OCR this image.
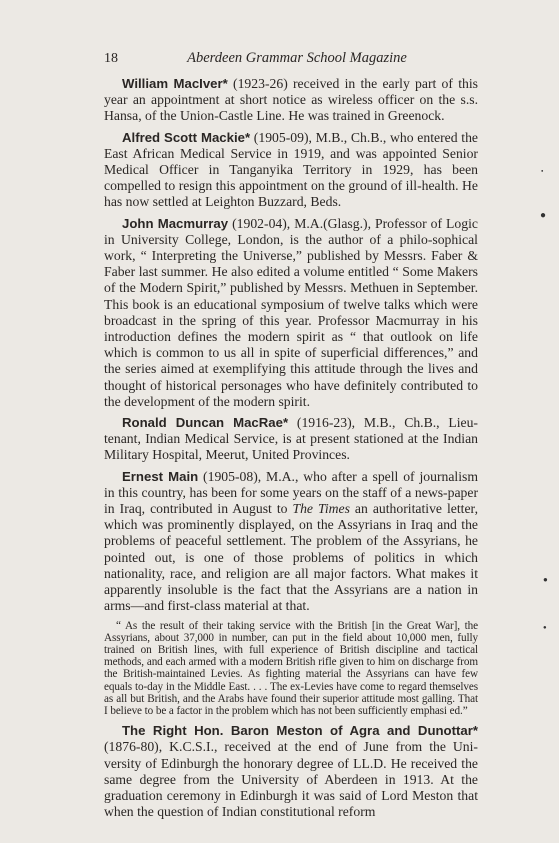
18	Aberdeen Grammar School Magazine

William MacIver* (1923-26) received in the early part of this year an appointment at short notice as wireless officer on the s.s. Hansa, of the Union-Castle Line. He was trained in Greenock.

Alfred Scott Mackie* (1905-09), M.B., Ch.B., who entered the East African Medical Service in 1919, and was appointed Senior Medical Officer in Tanganyika Territory in 1929, has been compelled to resign this appointment on the ground of ill-health. He has now settled at Leighton Buzzard, Beds.

John Macmurray (1902-04), M.A.(Glasg.), Professor of Logic in University College, London, is the author of a philo-sophical work, “ Interpreting the Universe,” published by Messrs. Faber & Faber last summer. He also edited a volume entitled “ Some Makers of the Modern Spirit,” published by Messrs. Methuen in September. This book is an educational symposium of twelve talks which were broadcast in the spring of this year. Professor Macmurray in his introduction defines the modern spirit as “ that outlook on life which is common to us all in spite of superficial differences,” and the series aimed at exemplifying this attitude through the lives and thought of historical personages who have definitely contributed to the development of the modern spirit.

Ronald Duncan MacRae* (1916-23), M.B., Ch.B., Lieu-tenant, Indian Medical Service, is at present stationed at the Indian Military Hospital, Meerut, United Provinces.

Ernest Main (1905-08), M.A., who after a spell of journalism in this country, has been for some years on the staff of a news-paper in Iraq, contributed in August to The Times an authoritative letter, which was prominently displayed, on the Assyrians in Iraq and the problems of peaceful settlement. The problem of the Assyrians, he pointed out, is one of those problems of politics in which nationality, race, and religion are all major factors. What makes it apparently insoluble is the fact that the Assyrians are a nation in arms—and first-class material at that.

“ As the result of their taking service with the British [in the Great War], the Assyrians, about 37,000 in number, can put in the field about 10,000 men, fully trained on British lines, with full experience of British discipline and tactical methods, and each armed with a modern British rifle given to him on discharge from the British-maintained Levies. As fighting material the Assyrians can have few equals to-day in the Middle East. . . . The ex-Levies have come to regard themselves as all but British, and the Arabs have found their superior attitude most galling. That I believe to be a factor in the problem which has not been sufficiently emphasi ed.”

The Right Hon. Baron Meston of Agra and Dunottar* (1876-80), K.C.S.I., received at the end of June from the Uni-versity of Edinburgh the honorary degree of LL.D. He received the same degree from the University of Aberdeen in 1913. At the graduation ceremony in Edinburgh it was said of Lord Meston that when the question of Indian constitutional reform

●
●
●
●
